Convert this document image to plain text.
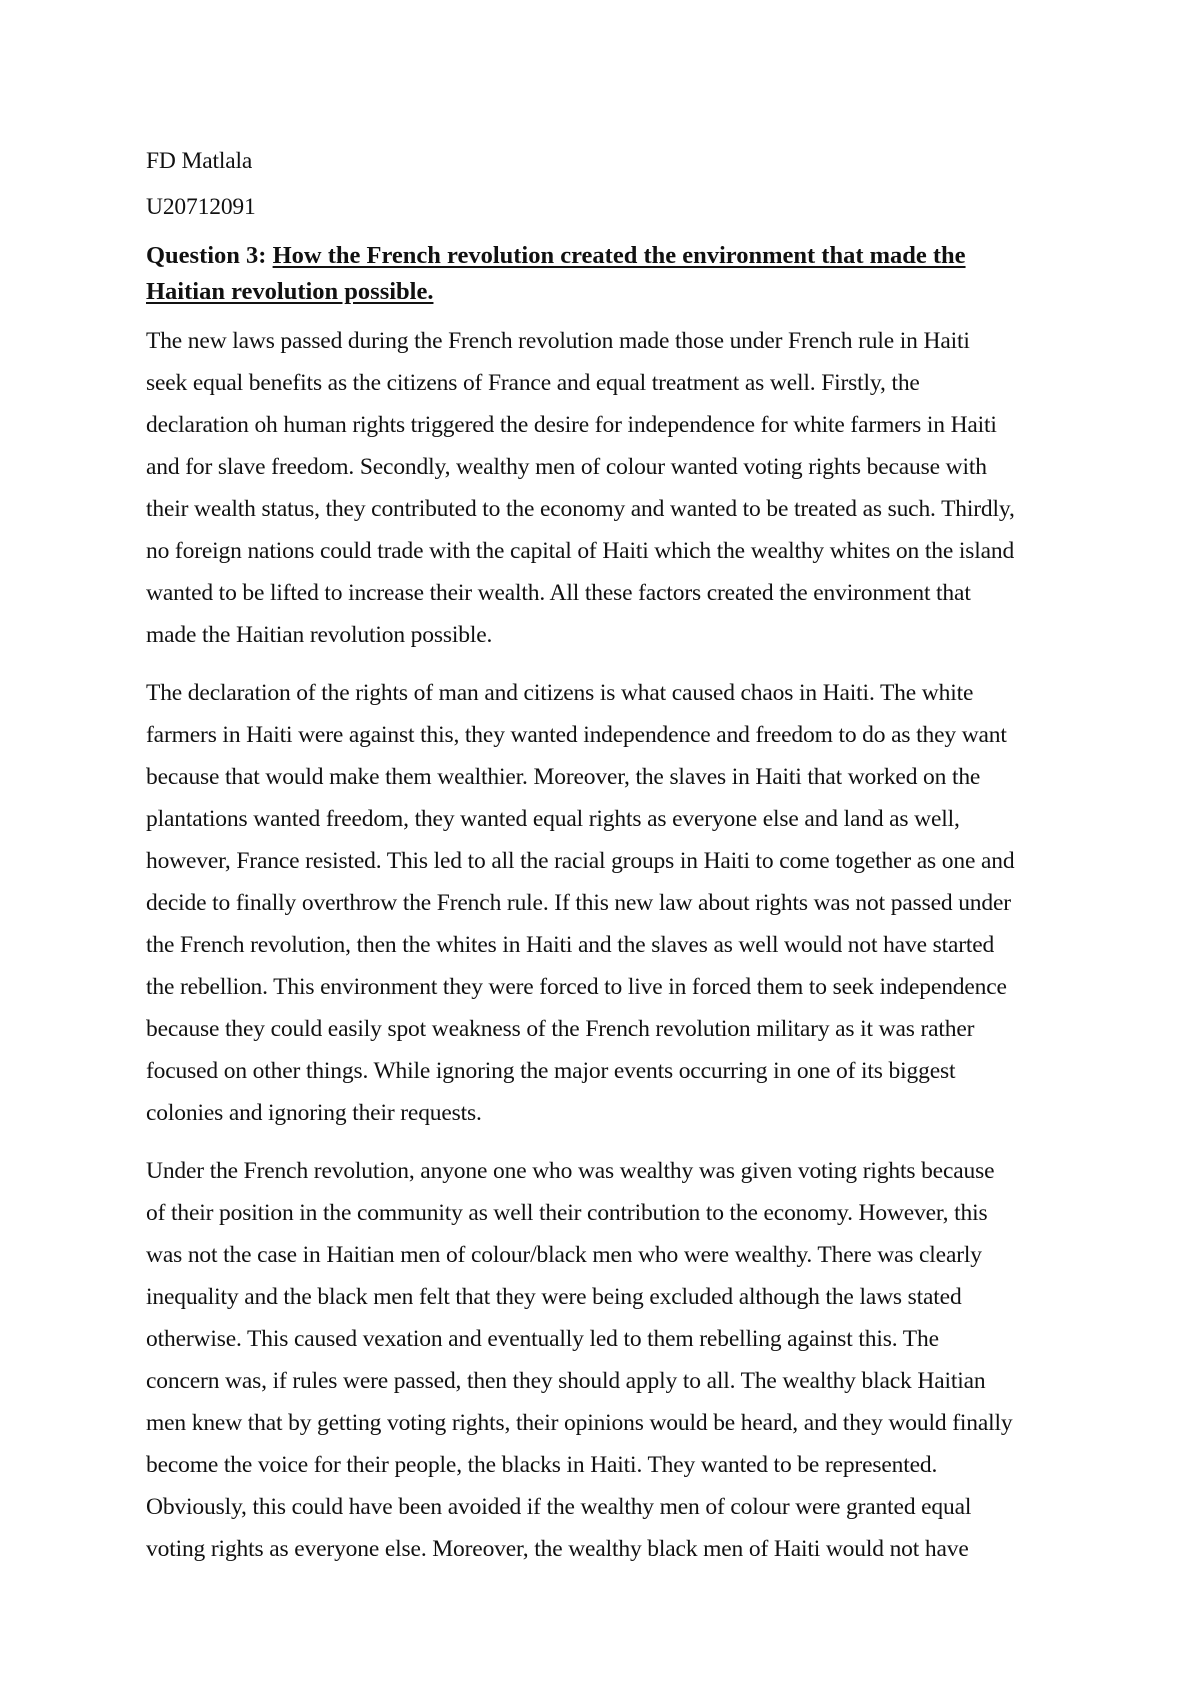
FD Matlala
U20712091
Question 3: How the French revolution created the environment that made the
Haitian revolution possible.
The new laws passed during the French revolution made those under French rule in Haiti
seek equal benefits as the citizens of France and equal treatment as well. Firstly, the
declaration oh human rights triggered the desire for independence for white farmers in Haiti
and for slave freedom. Secondly, wealthy men of colour wanted voting rights because with
their wealth status, they contributed to the economy and wanted to be treated as such. Thirdly,
no foreign nations could trade with the capital of Haiti which the wealthy whites on the island
wanted to be lifted to increase their wealth. All these factors created the environment that
made the Haitian revolution possible.
The declaration of the rights of man and citizens is what caused chaos in Haiti. The white
farmers in Haiti were against this, they wanted independence and freedom to do as they want
because that would make them wealthier. Moreover, the slaves in Haiti that worked on the
plantations wanted freedom, they wanted equal rights as everyone else and land as well,
however, France resisted. This led to all the racial groups in Haiti to come together as one and
decide to finally overthrow the French rule. If this new law about rights was not passed under
the French revolution, then the whites in Haiti and the slaves as well would not have started
the rebellion. This environment they were forced to live in forced them to seek independence
because they could easily spot weakness of the French revolution military as it was rather
focused on other things. While ignoring the major events occurring in one of its biggest
colonies and ignoring their requests.
Under the French revolution, anyone one who was wealthy was given voting rights because
of their position in the community as well their contribution to the economy. However, this
was not the case in Haitian men of colour/black men who were wealthy. There was clearly
inequality and the black men felt that they were being excluded although the laws stated
otherwise. This caused vexation and eventually led to them rebelling against this. The
concern was, if rules were passed, then they should apply to all. The wealthy black Haitian
men knew that by getting voting rights, their opinions would be heard, and they would finally
become the voice for their people, the blacks in Haiti. They wanted to be represented.
Obviously, this could have been avoided if the wealthy men of colour were granted equal
voting rights as everyone else. Moreover, the wealthy black men of Haiti would not have
